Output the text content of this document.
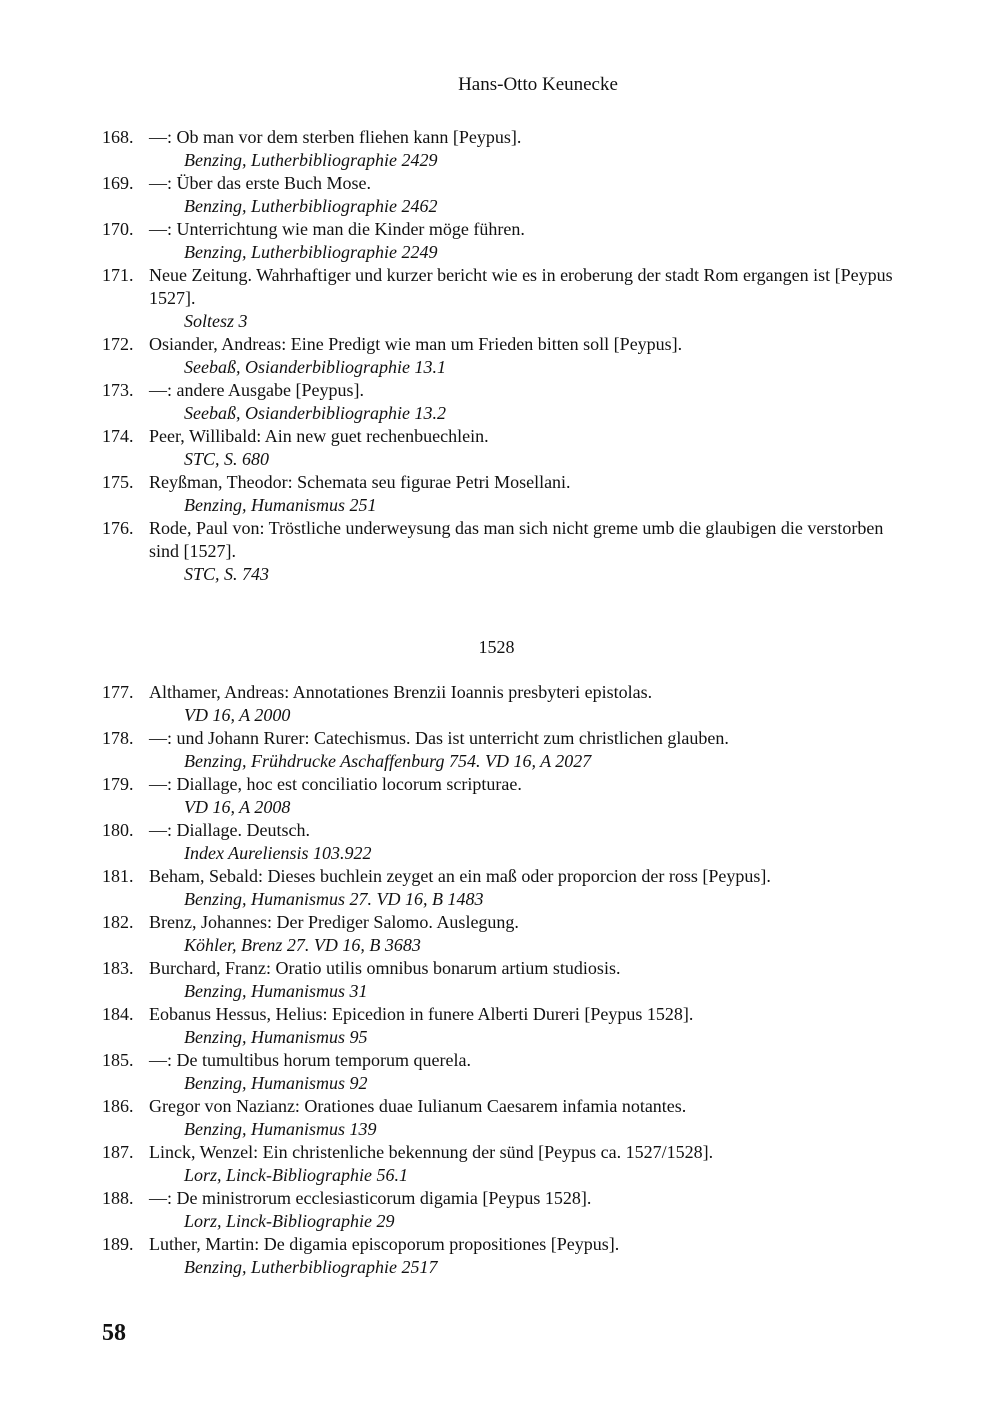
Hans-Otto Keunecke
168. —: Ob man vor dem sterben fliehen kann [Peypus].
Benzing, Lutherbibliographie 2429
169. —: Über das erste Buch Mose.
Benzing, Lutherbibliographie 2462
170. —: Unterrichtung wie man die Kinder möge führen.
Benzing, Lutherbibliographie 2249
171. Neue Zeitung. Wahrhaftiger und kurzer bericht wie es in eroberung der stadt Rom ergangen ist [Peypus 1527].
Soltesz 3
172. Osiander, Andreas: Eine Predigt wie man um Frieden bitten soll [Peypus].
Seebaß, Osianderbibliographie 13.1
173. —: andere Ausgabe [Peypus].
Seebaß, Osianderbibliographie 13.2
174. Peer, Willibald: Ain new guet rechenbuechlein.
STC, S. 680
175. Reyßman, Theodor: Schemata seu figurae Petri Mosellani.
Benzing, Humanismus 251
176. Rode, Paul von: Tröstliche underweysung das man sich nicht greme umb die glaubigen die verstorben sind [1527].
STC, S. 743
1528
177. Althamer, Andreas: Annotationes Brenzii Ioannis presbyteri epistolas.
VD 16, A 2000
178. —: und Johann Rurer: Catechismus. Das ist unterricht zum christlichen glauben.
Benzing, Frühdrucke Aschaffenburg 754. VD 16, A 2027
179. —: Diallage, hoc est conciliatio locorum scripturae.
VD 16, A 2008
180. —: Diallage. Deutsch.
Index Aureliensis 103.922
181. Beham, Sebald: Dieses buchlein zeyget an ein maß oder proporcion der ross [Peypus].
Benzing, Humanismus 27. VD 16, B 1483
182. Brenz, Johannes: Der Prediger Salomo. Auslegung.
Köhler, Brenz 27. VD 16, B 3683
183. Burchard, Franz: Oratio utilis omnibus bonarum artium studiosis.
Benzing, Humanismus 31
184. Eobanus Hessus, Helius: Epicedion in funere Alberti Dureri [Peypus 1528].
Benzing, Humanismus 95
185. —: De tumultibus horum temporum querela.
Benzing, Humanismus 92
186. Gregor von Nazianz: Orationes duae Iulianum Caesarem infamia notantes.
Benzing, Humanismus 139
187. Linck, Wenzel: Ein christenliche bekennung der sünd [Peypus ca. 1527/1528].
Lorz, Linck-Bibliographie 56.1
188. —: De ministrorum ecclesiasticorum digamia [Peypus 1528].
Lorz, Linck-Bibliographie 29
189. Luther, Martin: De digamia episcoporum propositiones [Peypus].
Benzing, Lutherbibliographie 2517
58
